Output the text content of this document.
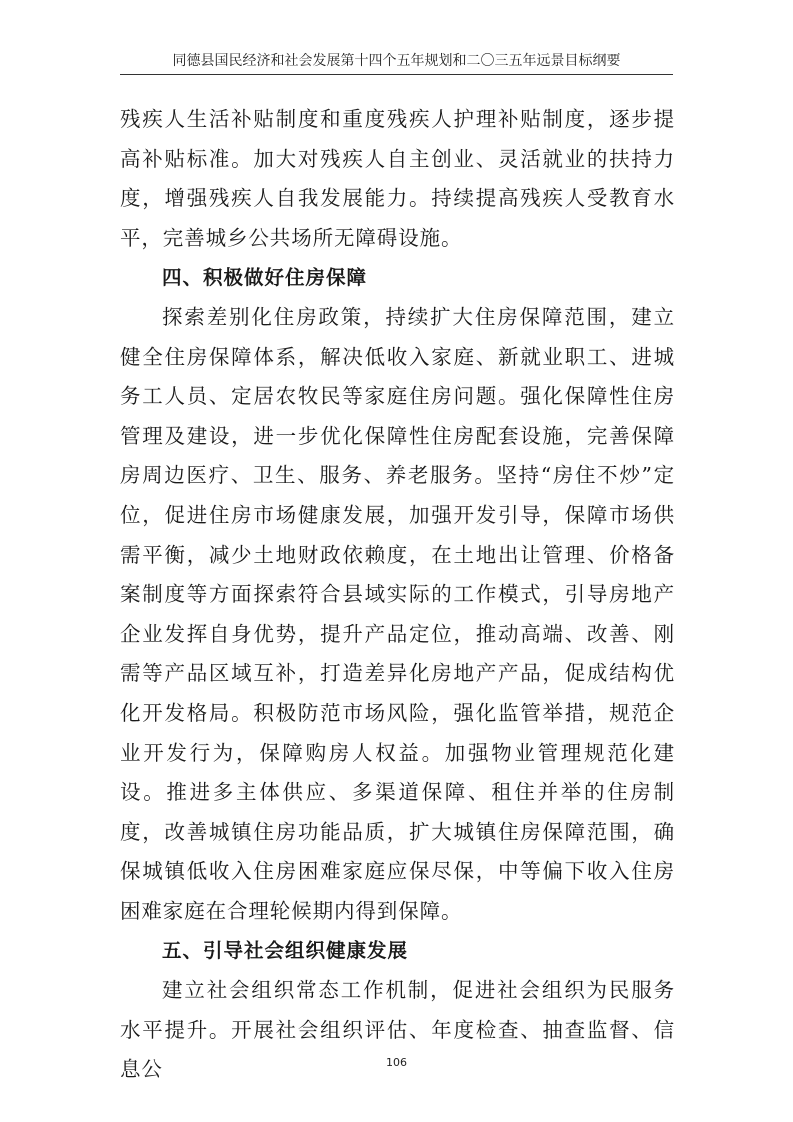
同德县国民经济和社会发展第十四个五年规划和二〇三五年远景目标纲要

残疾人生活补贴制度和重度残疾人护理补贴制度，逐步提高补贴标准。加大对残疾人自主创业、灵活就业的扶持力度，增强残疾人自我发展能力。持续提高残疾人受教育水平，完善城乡公共场所无障碍设施。

四、积极做好住房保障

探索差别化住房政策，持续扩大住房保障范围，建立健全住房保障体系，解决低收入家庭、新就业职工、进城务工人员、定居农牧民等家庭住房问题。强化保障性住房管理及建设，进一步优化保障性住房配套设施，完善保障房周边医疗、卫生、服务、养老服务。坚持“房住不炒”定位，促进住房市场健康发展，加强开发引导，保障市场供需平衡，减少土地财政依赖度，在土地出让管理、价格备案制度等方面探索符合县域实际的工作模式，引导房地产企业发挥自身优势，提升产品定位，推动高端、改善、刚需等产品区域互补，打造差异化房地产产品，促成结构优化开发格局。积极防范市场风险，强化监管举措，规范企业开发行为，保障购房人权益。加强物业管理规范化建设。推进多主体供应、多渠道保障、租住并举的住房制度，改善城镇住房功能品质，扩大城镇住房保障范围，确保城镇低收入住房困难家庭应保尽保，中等偏下收入住房困难家庭在合理轮候期内得到保障。

五、引导社会组织健康发展

建立社会组织常态工作机制，促进社会组织为民服务水平提升。开展社会组织评估、年度检查、抽查监督、信息公	106
